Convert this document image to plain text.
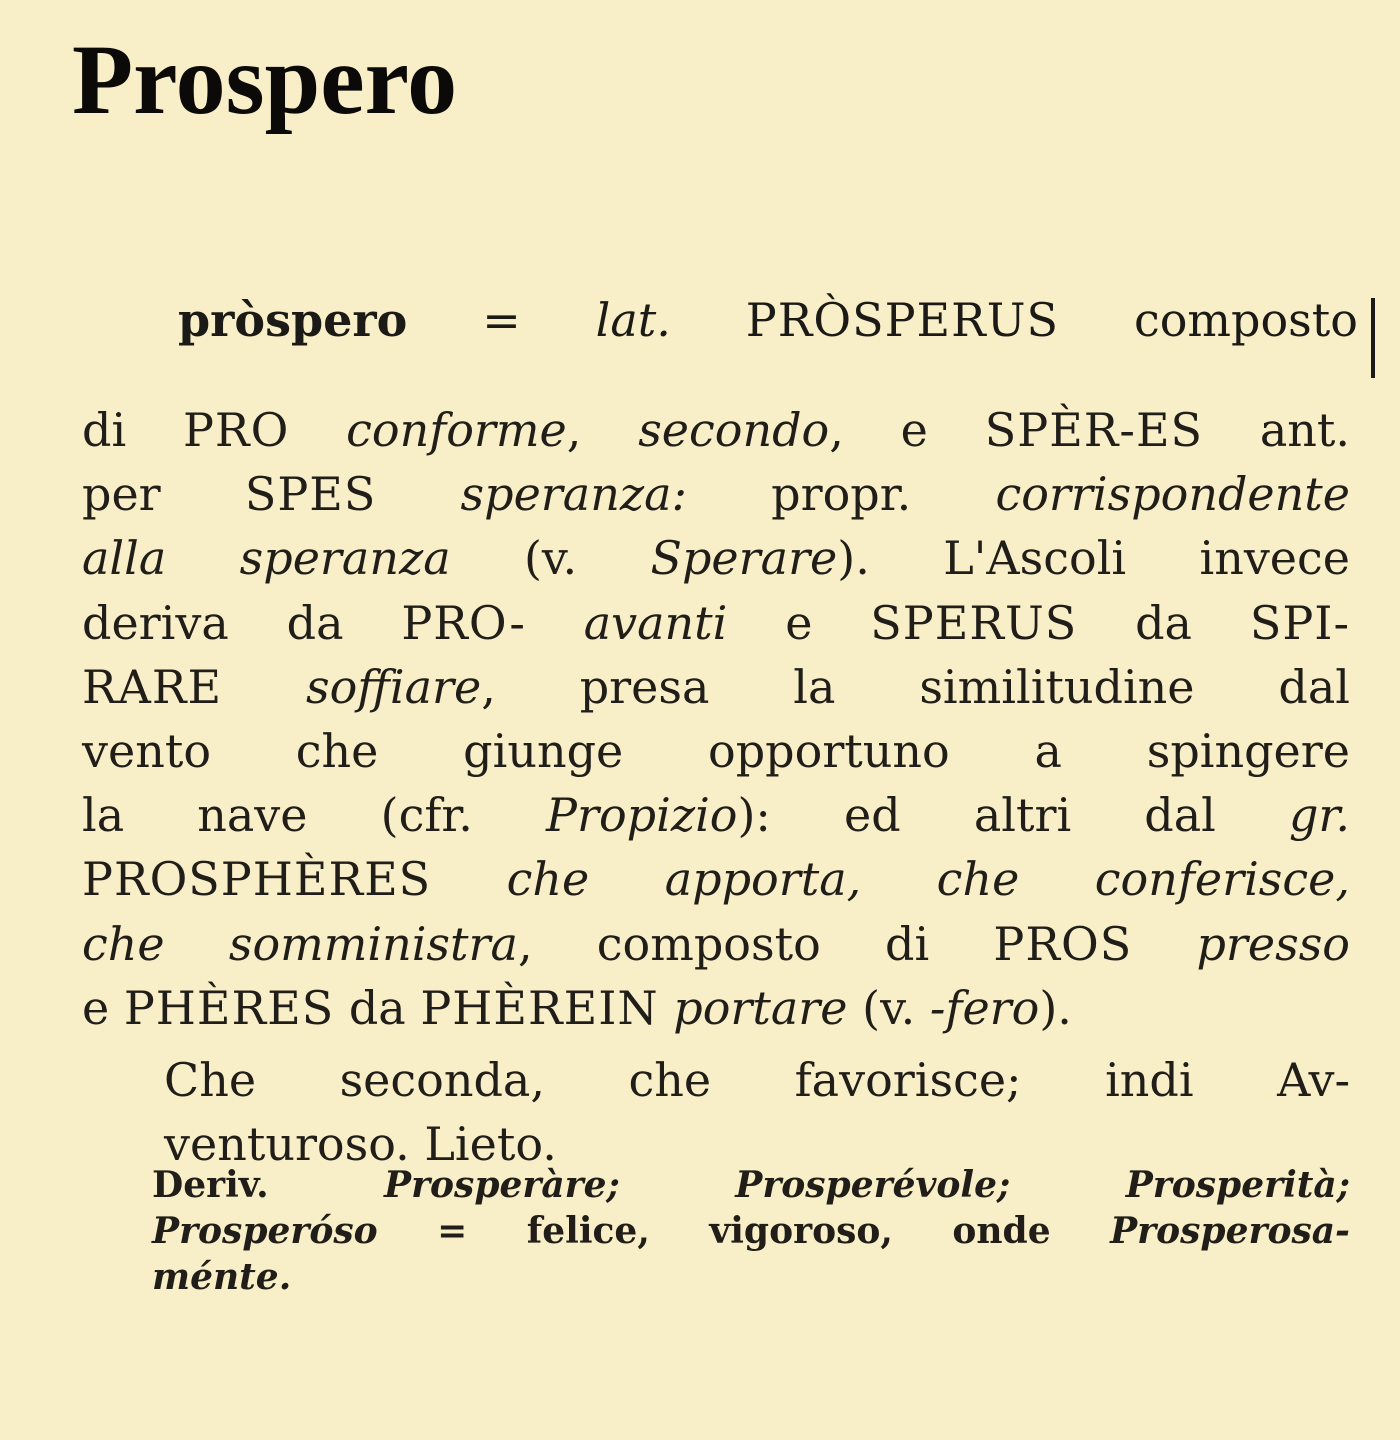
Prospero
pròspero = lat. PRÒSPERUS composto
di PRO conforme, secondo, e SPÈR-ES ant.
per SPES speranza: propr. corrispondente
alla speranza (v. Sperare). L'Ascoli invece
deriva da PRO- avanti e SPERUS da SPI-
RARE soffiare, presa la similitudine dal
vento che giunge opportuno a spingere
la nave (cfr. Propizio): ed altri dal gr.
PROSPHÈRES che apporta, che conferisce,
che somministra, composto di PROS presso
e PHÈRES da PHÈREIN portare (v. -fero).
Che seconda, che favorisce; indi Av-
venturoso. Lieto.
Deriv. Prosperàre; Prosperévole; Prosperità;
Prosperóso = felice, vigoroso, onde Prosperosa-
ménte.
